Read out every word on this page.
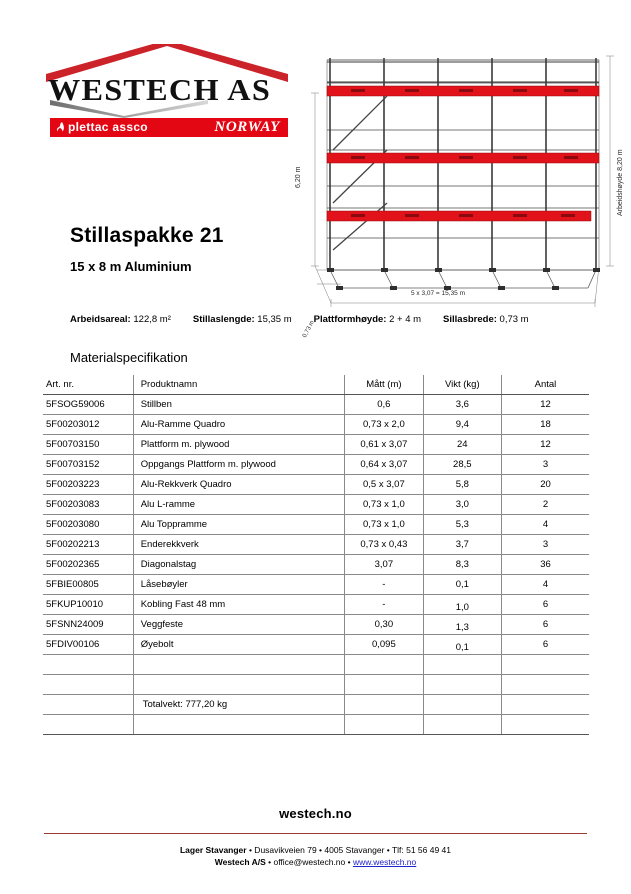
WESTECH AS
plettac assco	NORWAY
Stillaspakke 21
15 x 8 m Aluminium
Arbeidsareal: 122,8 m² Stillaslengde: 15,35 m Plattformhøyde: 2 + 4 m Sillasbrede: 0,73 m
Materialspecifikation
Art. nr.	Produktnamn	Mått (m)	Vikt (kg)	Antal
5FSOG59006	Stillben	0,6	3,6	12
5F00203012	Alu-Ramme Quadro	0,73 x 2,0	9,4	18
5F00703150	Plattform m. plywood	0,61 x 3,07	24	12
5F00703152	Oppgangs Plattform m. plywood	0,64 x 3,07	28,5	3
5F00203223	Alu-Rekkverk Quadro	0,5 x 3,07	5,8	20
5F00203083	Alu L-ramme	0,73 x 1,0	3,0	2
5F00203080	Alu Toppramme	0,73 x 1,0	5,3	4
5F00202213	Enderekkverk	0,73 x 0,43	3,7	3
5F00202365	Diagonalstag	3,07	8,3	36
5FBIE00805	Låsebøyler	-	0,1	4
5FKUP10010	Kobling Fast 48 mm	-	1,0	6
5FSNN24009	Veggfeste	0,30	1,3	6
5FDIV00106	Øyebolt	0,095	0,1	6

	Totalvekt: 777,20 kg			

6,20 m	Arbeidshøyde 8,20 m
0,73 m
5 x 3,07 = 15,35 m
westech.no
Lager Stavanger • Dusavikveien 79 • 4005 Stavanger • Tlf: 51 56 49 41
Westech A/S • office@westech.no • www.westech.no
